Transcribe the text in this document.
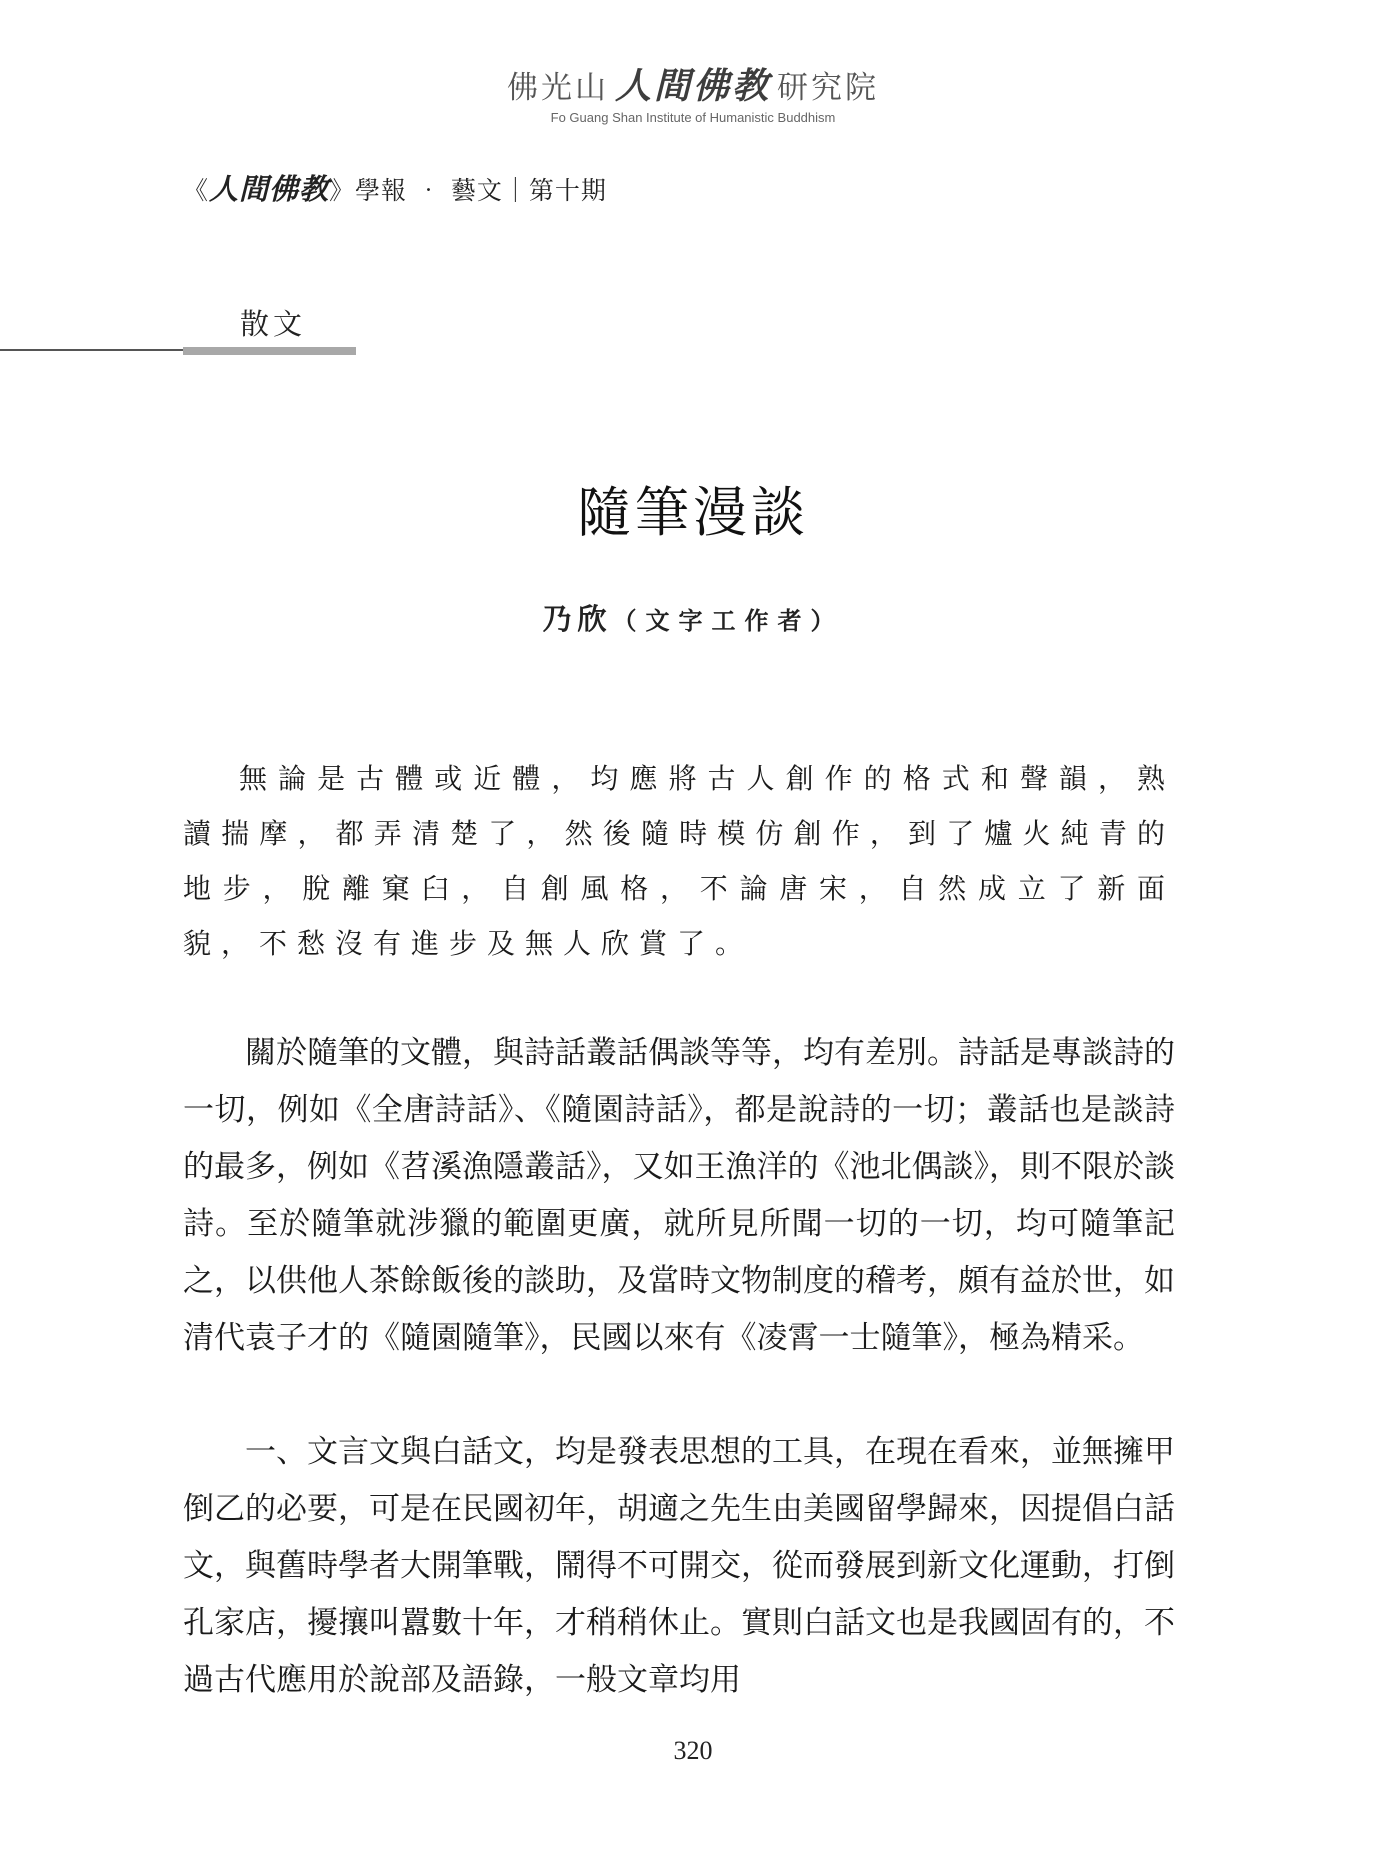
佛光山 人間佛教 研究院
Fo Guang Shan Institute of Humanistic Buddhism
《人間佛教》學報 ‧ 藝文｜第十期
散文
隨筆漫談
乃欣（文字工作者）

無論是古體或近體，均應將古人創作的格式和聲韻，熟讀揣摩，都弄清楚了，然後隨時模仿創作，到了爐火純青的地步，脫離窠臼，自創風格，不論唐宋，自然成立了新面貌，不愁沒有進步及無人欣賞了。

關於隨筆的文體，與詩話叢話偶談等等，均有差別。詩話是專談詩的一切，例如《全唐詩話》、《隨園詩話》，都是說詩的一切；叢話也是談詩的最多，例如《苕溪漁隱叢話》，又如王漁洋的《池北偶談》，則不限於談詩。至於隨筆就涉獵的範圍更廣，就所見所聞一切的一切，均可隨筆記之，以供他人茶餘飯後的談助，及當時文物制度的稽考，頗有益於世，如清代袁子才的《隨園隨筆》，民國以來有《凌霄一士隨筆》，極為精采。

一、文言文與白話文，均是發表思想的工具，在現在看來，並無擁甲倒乙的必要，可是在民國初年，胡適之先生由美國留學歸來，因提倡白話文，與舊時學者大開筆戰，鬧得不可開交，從而發展到新文化運動，打倒孔家店，擾攘叫囂數十年，才稍稍休止。實則白話文也是我國固有的，不過古代應用於說部及語錄，一般文章均用

320
